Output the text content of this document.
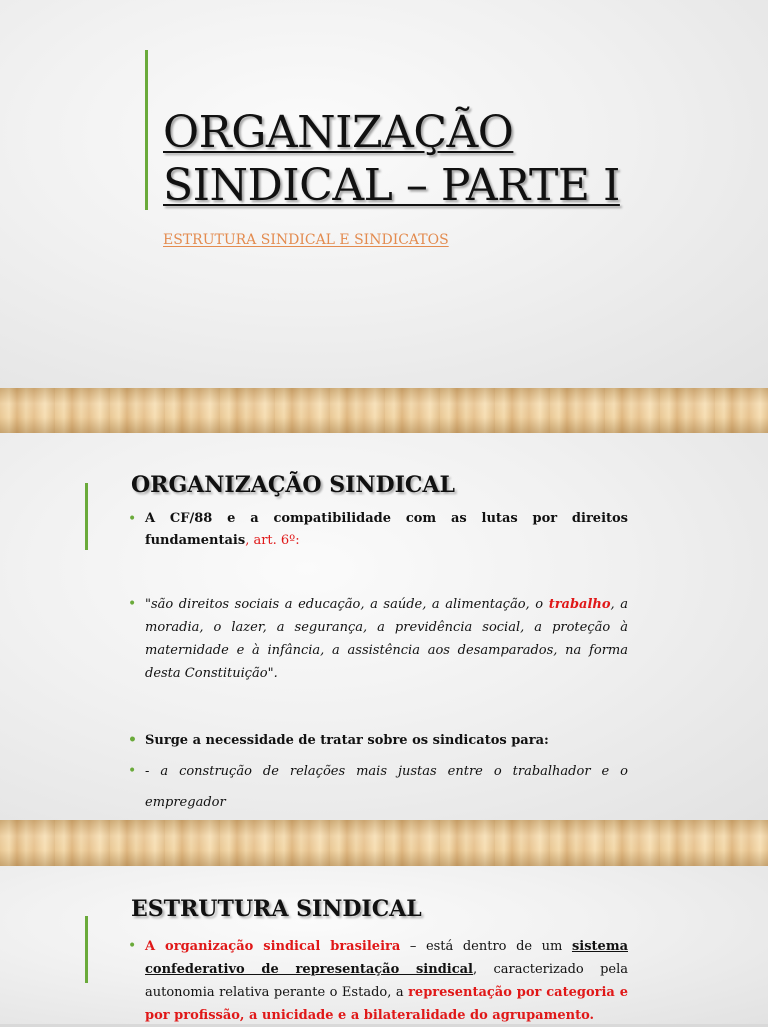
ORGANIZAÇÃO
SINDICAL – PARTE I

ESTRUTURA SINDICAL E SINDICATOS

ORGANIZAÇÃO SINDICAL
• A CF/88 e a compatibilidade com as lutas por direitos fundamentais, art. 6º:
• "são direitos sociais a educação, a saúde, a alimentação, o trabalho, a moradia, o lazer, a segurança, a previdência social, a proteção à maternidade e à infância, a assistência aos desamparados, na forma desta Constituição".
• Surge a necessidade de tratar sobre os sindicatos para:
• - a construção de relações mais justas entre o trabalhador e o empregador
•
ESTRUTURA SINDICAL
• A organização sindical brasileira – está dentro de um sistema confederativo de representação sindical, caracterizado pela autonomia relativa perante o Estado, a representação por categoria e por profissão, a unicidade e a bilateralidade do agrupamento.
